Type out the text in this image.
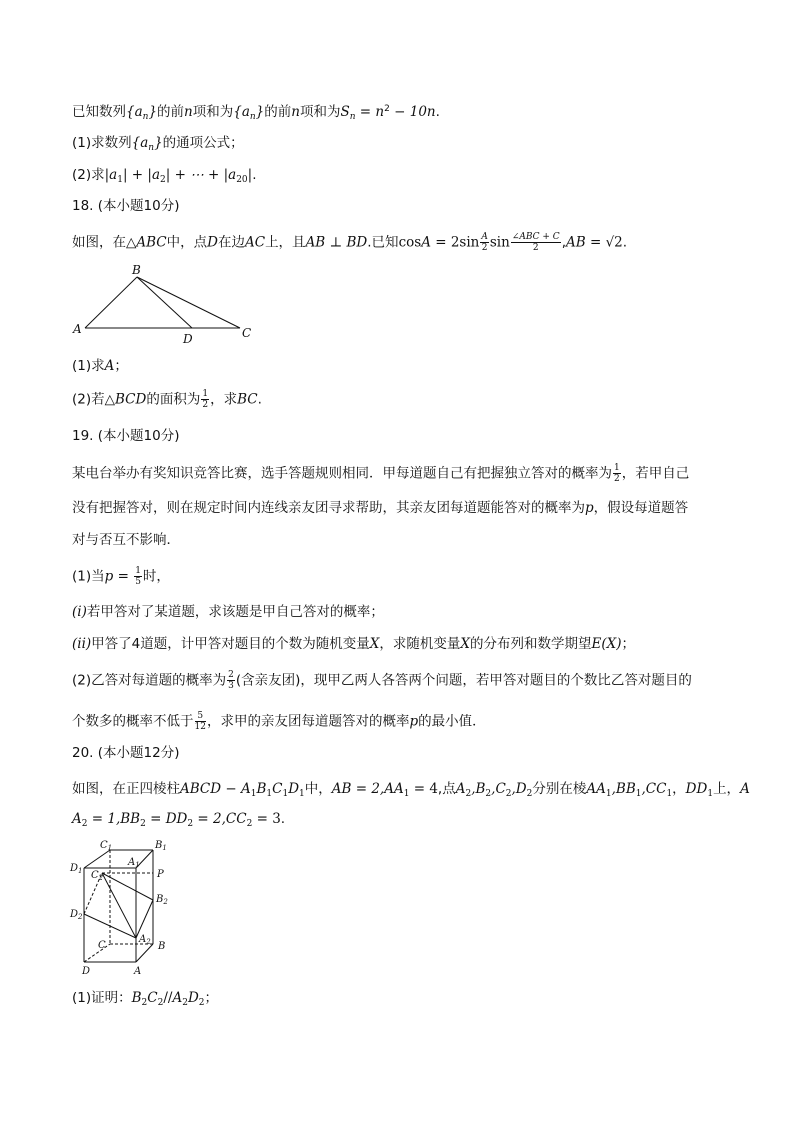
已知数列$\{a_n\}$的前n项和为$\{a_n\}$的前n项和为$S_n = n^2 - 10n$.
(1)求数列$\{a_n\}$的通项公式；
(2)求$|a_1| + |a_2|$ + ⋯ + $|a_{20}|$.
18. (本小题10分)
如图，在△ABC中，点D在边AC上，且AB ⊥ BD.已知$\cos A = 2\sin \frac{A}{2}$ $\sin \frac{\text{∠ABC + C}}{2} ,AB = √2$.
B
A
D	C
(1)求A；
(2)若△BCD的面积为 $\frac{1}{2}$ ，求BC.
19. (本小题10分)
某电台举办有奖知识竞答比赛，选手答题规则相同．甲每道题自己有把握独立答对的概率为 $\frac{1}{2}$ ，若甲自己
没有把握答对，则在规定时间内连线亲友团寻求帮助，其亲友团每道题能答对的概率为p，假设每道题答
对与否互不影响．
(1)当$p = \frac{1}{5}$ 时，
(i)若甲答对了某道题，求该题是甲自己答对的概率；
(ii)甲答了4道题，计甲答对题目的个数为随机变量X，求随机变量X的分布列和数学期望E(X)；
(2)乙答对每道题的概率为 $\frac{2}{3}$ (含亲友团)，现甲乙两人各答两个问题，若甲答对题目的个数比乙答对题目的
个数多的概率不低于 $\frac{5}{12}$ ，求甲的亲友团每道题答对的概率p的最小值．
20. (本小题12分)
如图，在正四棱柱ABCD − $A_1B_1C_1D_1$中，AB = $2,AA_1 = 4$,点$A_2,B_2,C_2,D_2$分别在棱$AA_1,BB_1,CC_1$，$DD_1$上，A
$A_2 = 1,BB_2 = DD_2 = 2,CC_2 = 3$.
$C_1$	$B_1$
$A_1$
$D_1$ $C_2$	P
$B_2$
$D_2$
C
$A_2$ B
D	A
(1)证明：$B_2C_2//A_2D_2$；
